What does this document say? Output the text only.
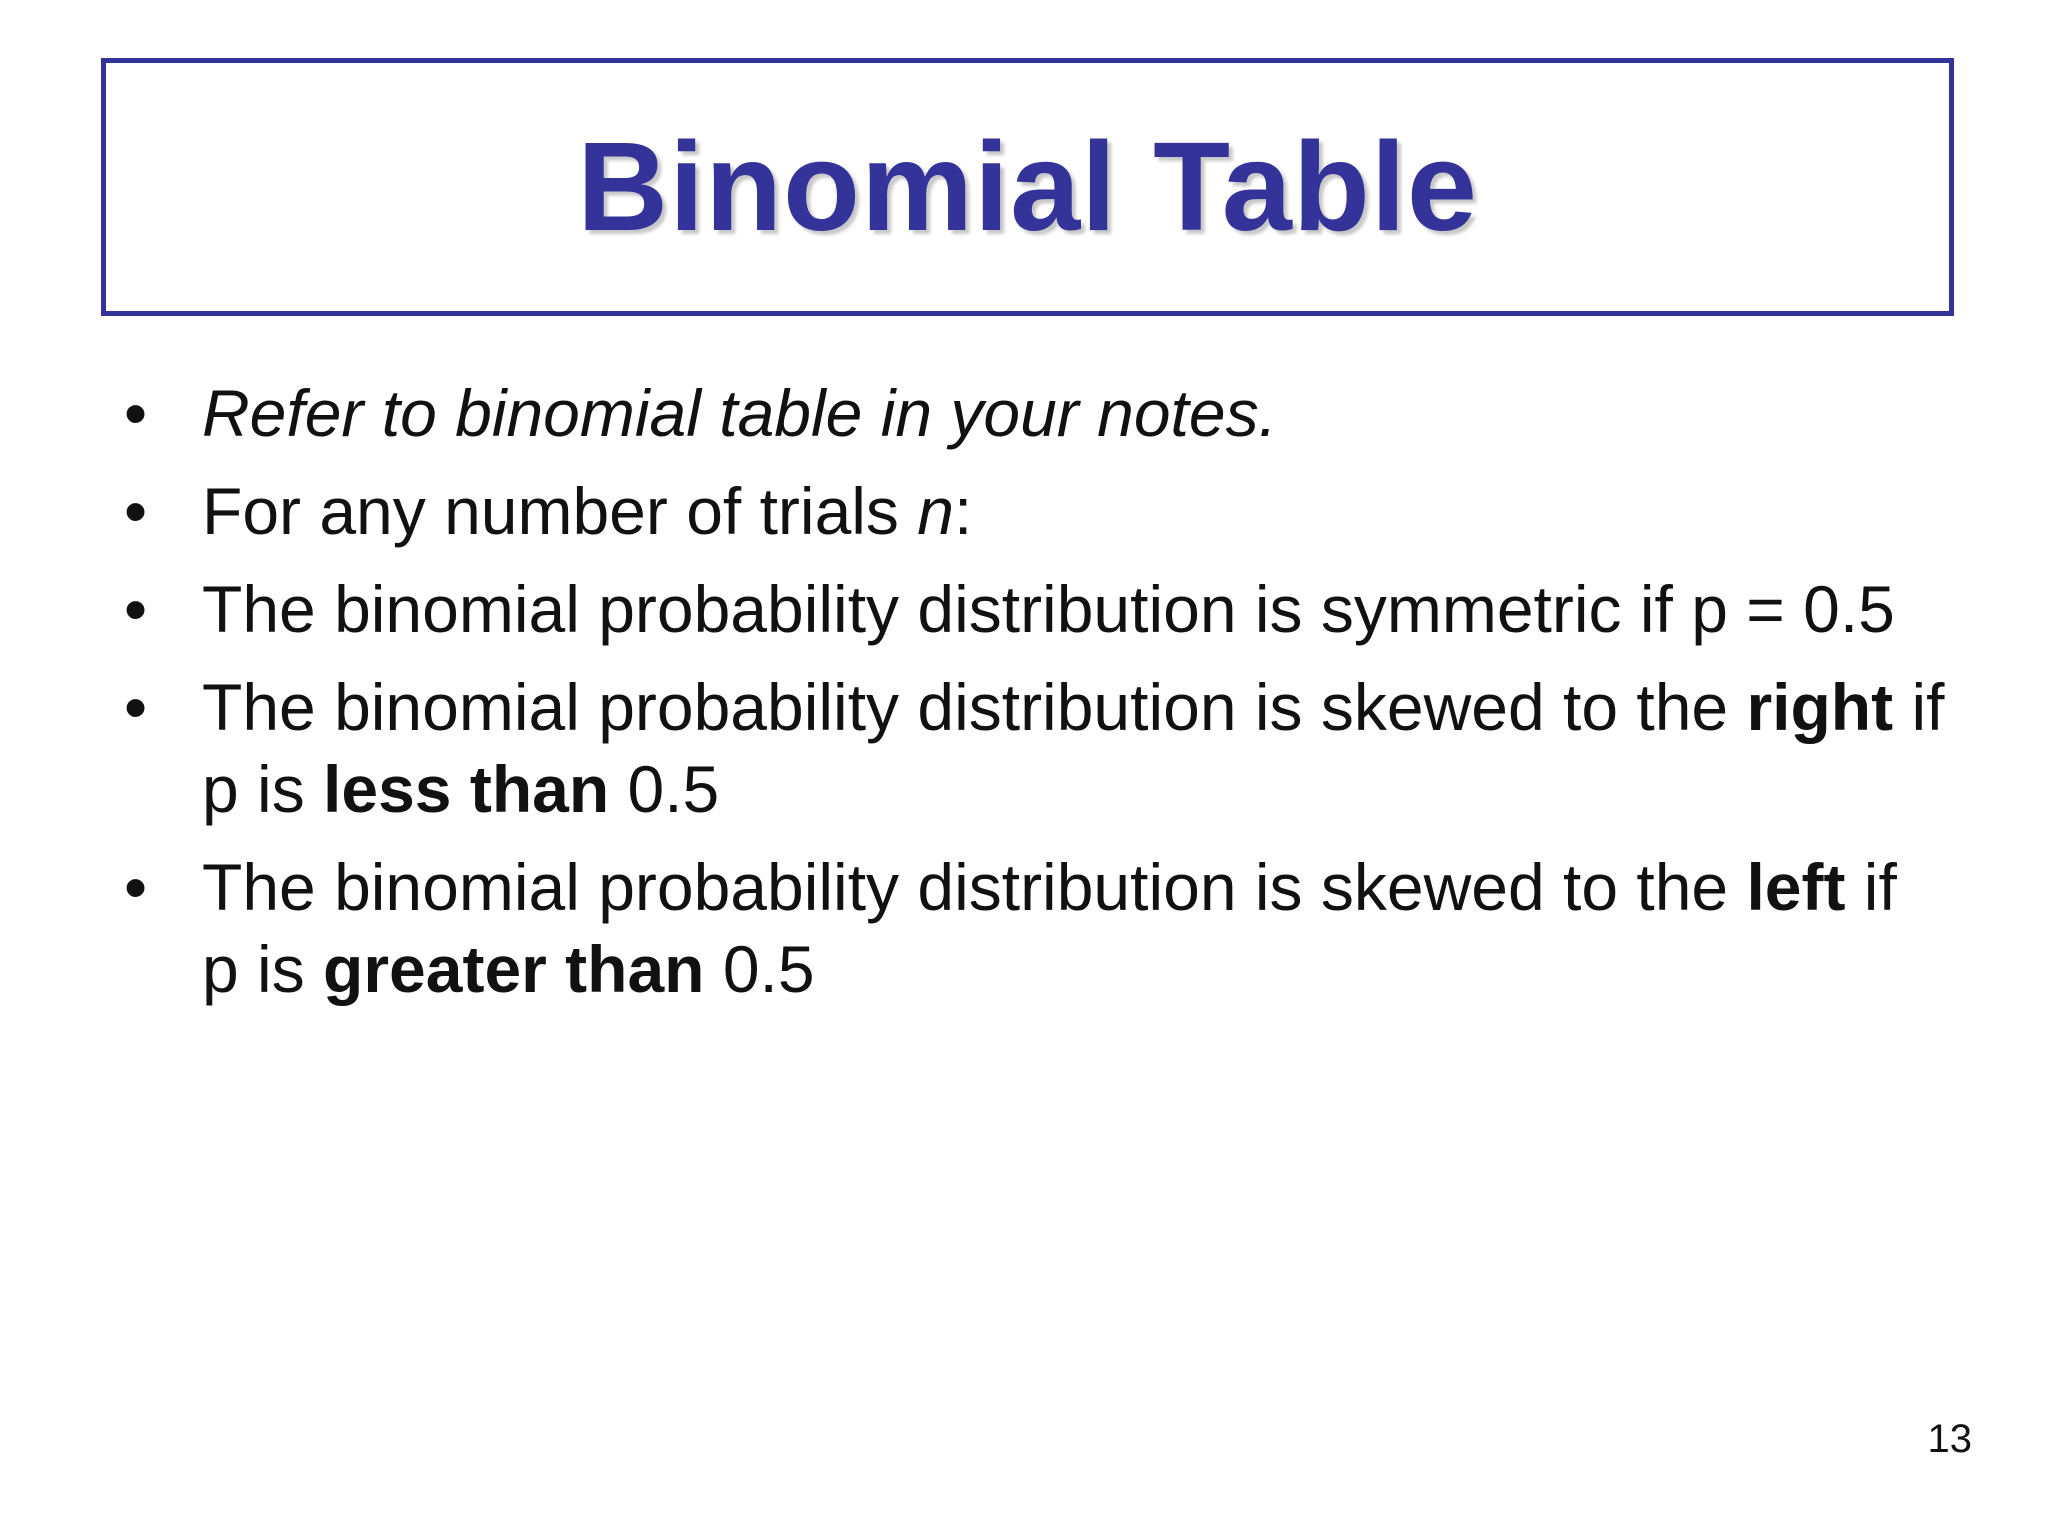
Binomial Table
• Refer to binomial table in your notes.
• For any number of trials n:
• The binomial probability distribution is symmetric if p = 0.5
• The binomial probability distribution is skewed to the right if p is less than 0.5
• The binomial probability distribution is skewed to the left if p is greater than 0.5
13
